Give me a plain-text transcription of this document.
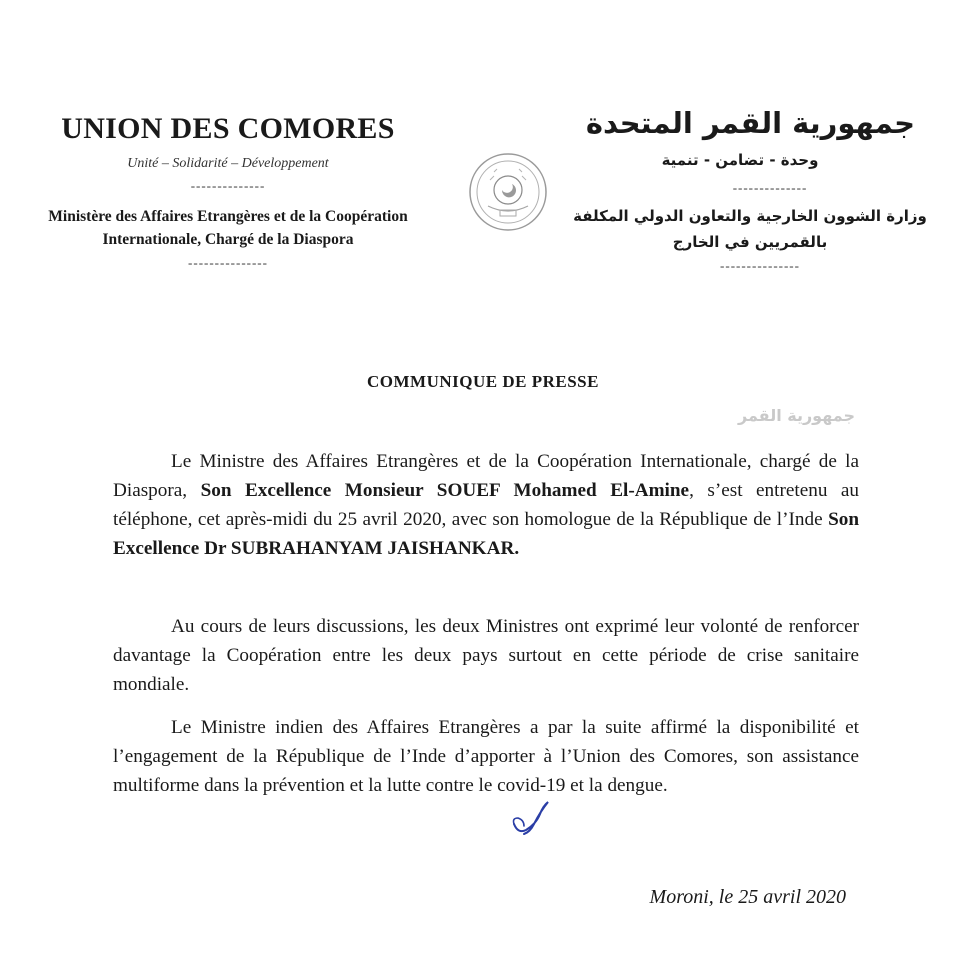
UNION DES COMORES
Unité – Solidarité – Développement
--------------
Ministère des Affaires Etrangères et de la Coopération
Internationale, Chargé de la Diaspora
---------------
جمهورية القمر المتحدة
وحدة - تضامن - تنمية
--------------
وزارة الشوون الخارجية والتعاون الدولي المكلفة بالقمريين في الخارج
---------------
COMMUNIQUE DE PRESSE
جمهورية القمر
Le Ministre des Affaires Etrangères et de la Coopération Internationale, chargé de la Diaspora, Son Excellence Monsieur SOUEF Mohamed El-Amine, s’est entretenu au téléphone, cet après-midi du 25 avril 2020, avec son homologue de la République de l’Inde Son Excellence Dr SUBRAHANYAM JAISHANKAR.
Au cours de leurs discussions, les deux Ministres ont exprimé leur volonté de renforcer davantage la Coopération entre les deux pays surtout en cette période de crise sanitaire mondiale.
Le Ministre indien des Affaires Etrangères a par la suite affirmé la disponibilité et l’engagement de la République de l’Inde d’apporter à l’Union des Comores, son assistance multiforme dans la prévention et la lutte contre le covid-19 et la dengue.
Moroni, le 25 avril 2020
